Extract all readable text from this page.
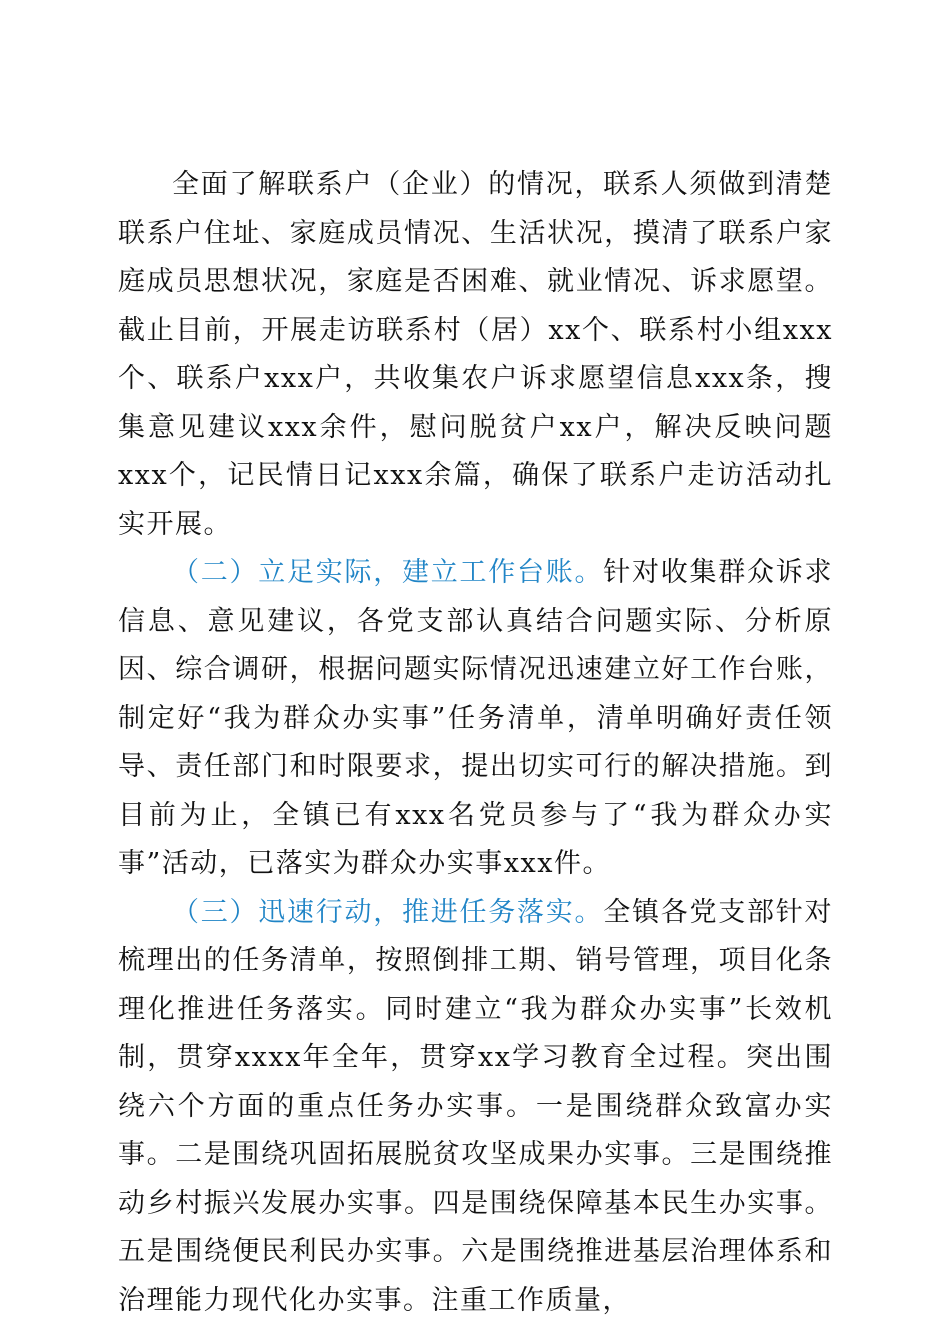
全面了解联系户（企业）的情况，联系人须做到清楚联系户住址、家庭成员情况、生活状况，摸清了联系户家庭成员思想状况，家庭是否困难、就业情况、诉求愿望。截止目前，开展走访联系村（居）xx个、联系村小组xxx个、联系户xxx户，共收集农户诉求愿望信息xxx条，搜集意见建议xxx余件，慰问脱贫户xx户，解决反映问题xxx个，记民情日记xxx余篇，确保了联系户走访活动扎实开展。

（二）立足实际，建立工作台账。针对收集群众诉求信息、意见建议，各党支部认真结合问题实际、分析原因、综合调研，根据问题实际情况迅速建立好工作台账，制定好“我为群众办实事”任务清单，清单明确好责任领导、责任部门和时限要求，提出切实可行的解决措施。到目前为止，全镇已有xxx名党员参与了“我为群众办实事”活动，已落实为群众办实事xxx件。

（三）迅速行动，推进任务落实。全镇各党支部针对梳理出的任务清单，按照倒排工期、销号管理，项目化条理化推进任务落实。同时建立“我为群众办实事”长效机制，贯穿xxxx年全年，贯穿xx学习教育全过程。突出围绕六个方面的重点任务办实事。一是围绕群众致富办实事。二是围绕巩固拓展脱贫攻坚成果办实事。三是围绕推动乡村振兴发展办实事。四是围绕保障基本民生办实事。五是围绕便民利民办实事。六是围绕推进基层治理体系和治理能力现代化办实事。注重工作质量，
